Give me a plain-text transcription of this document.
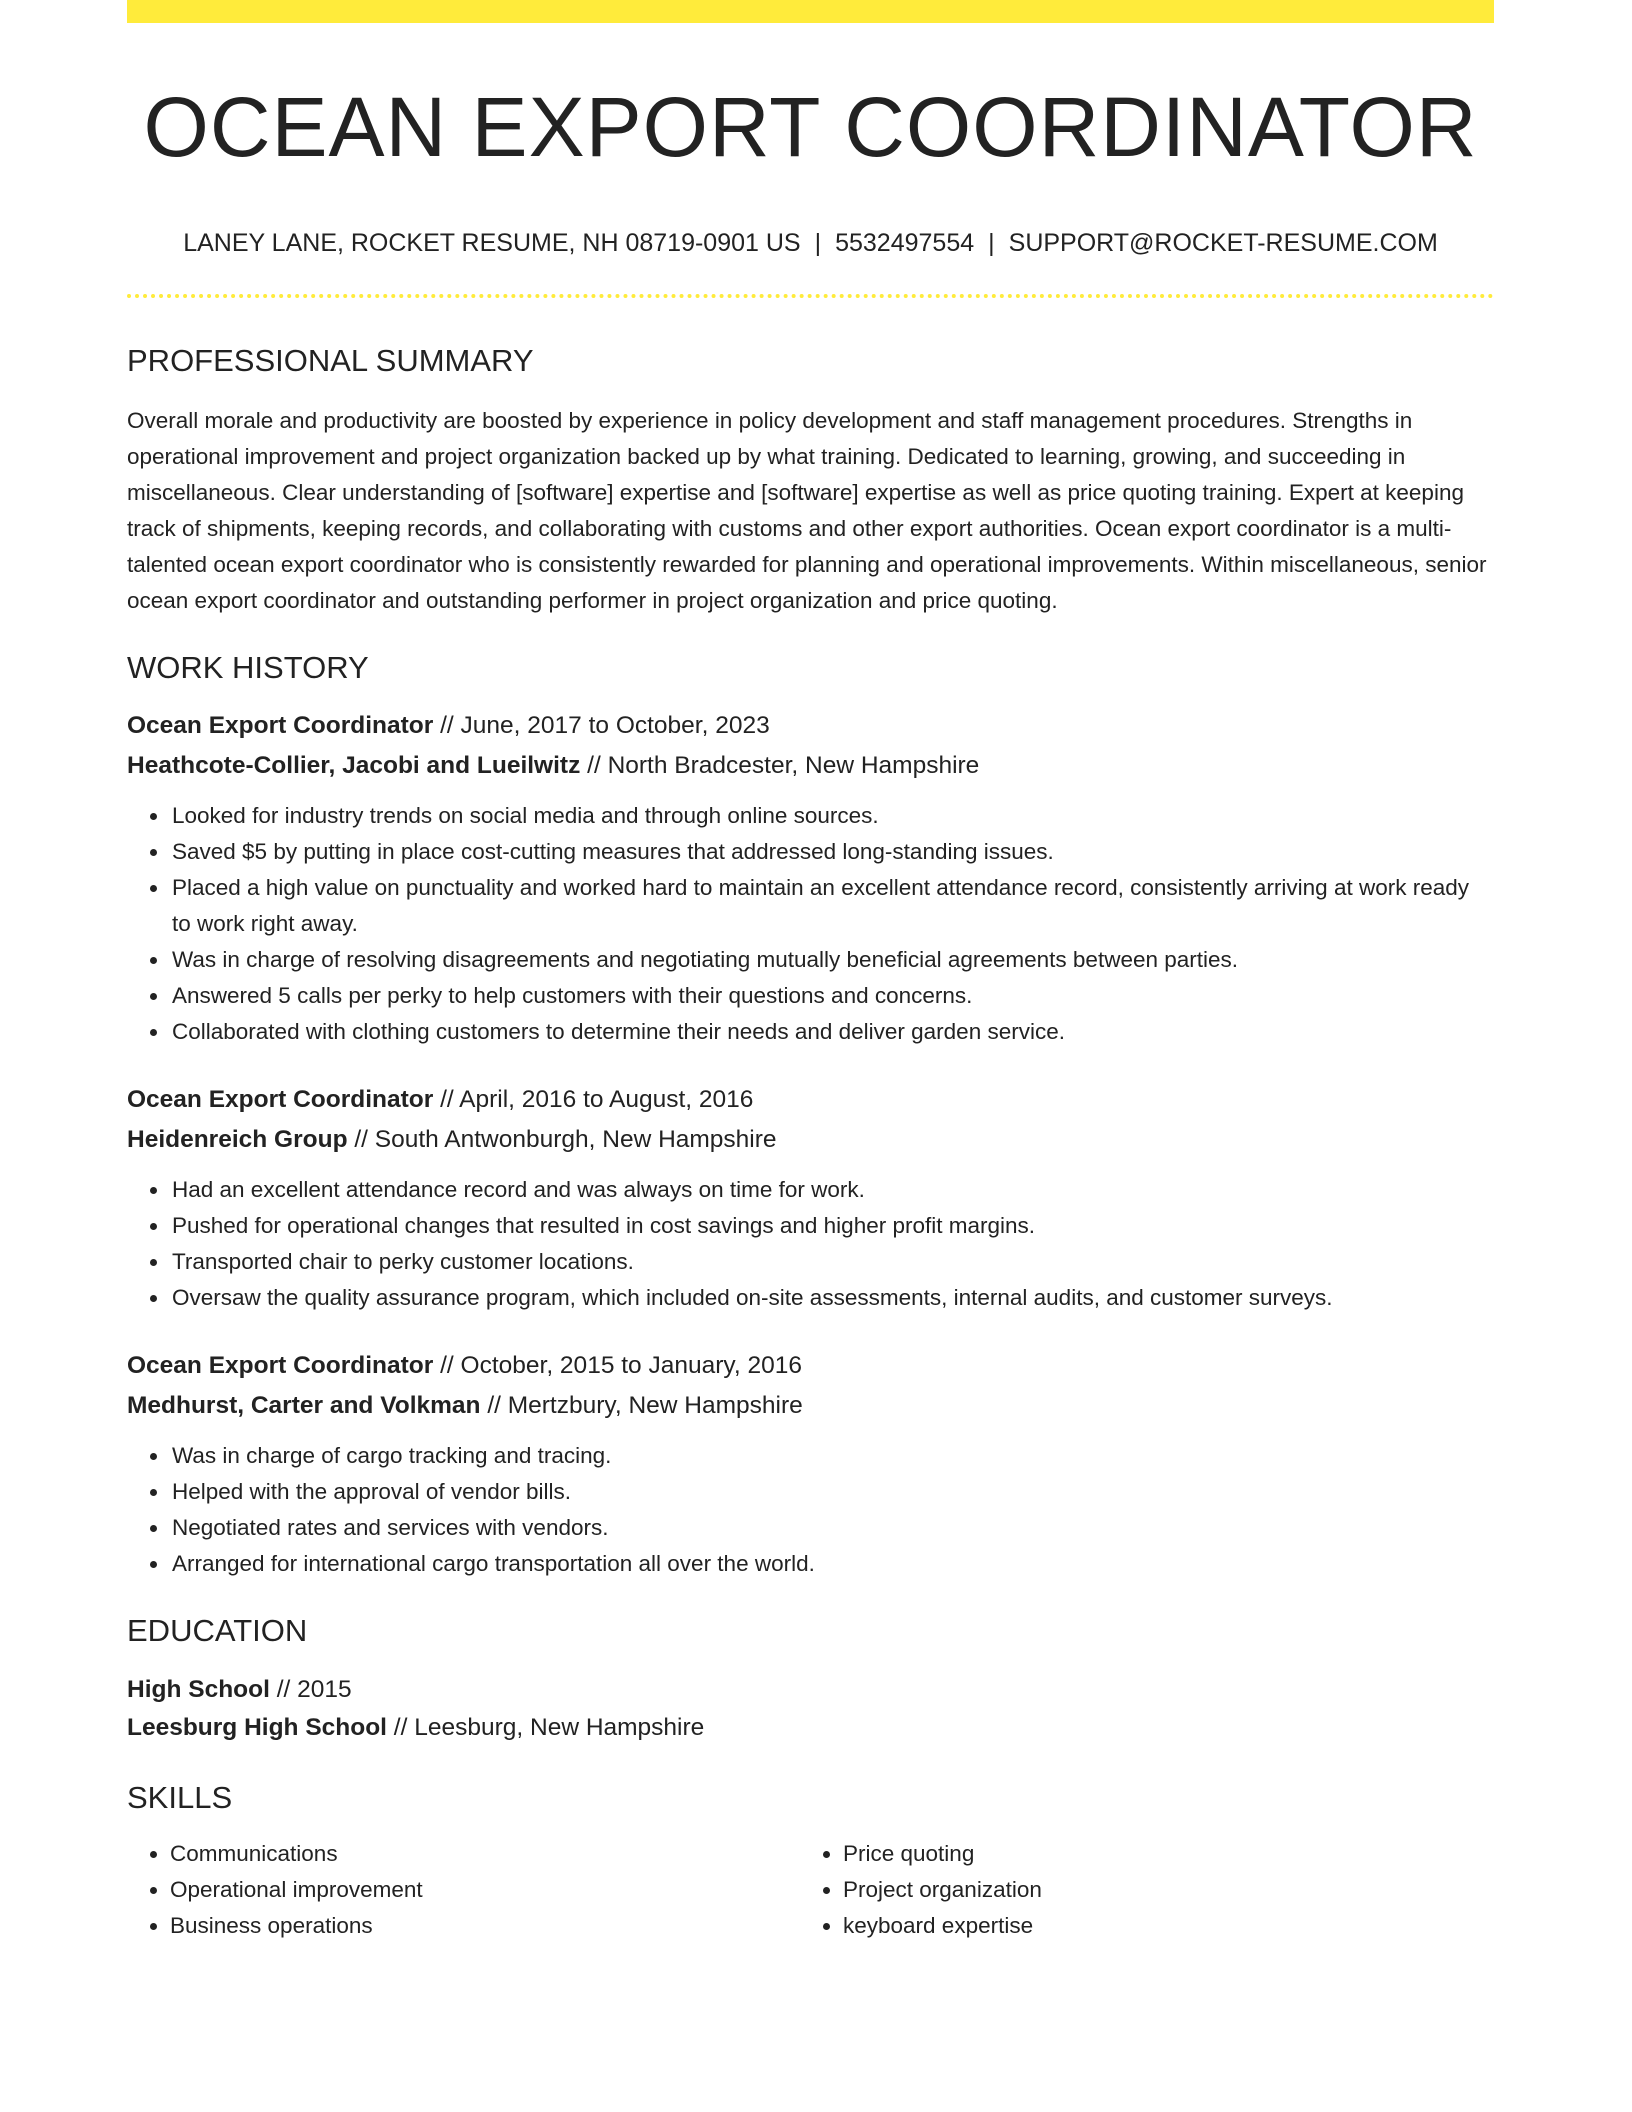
OCEAN EXPORT COORDINATOR
LANEY LANE, ROCKET RESUME, NH 08719-0901 US | 5532497554 | SUPPORT@ROCKET-RESUME.COM
PROFESSIONAL SUMMARY

Overall morale and productivity are boosted by experience in policy development and staff management procedures. Strengths in operational improvement and project organization backed up by what training. Dedicated to learning, growing, and succeeding in miscellaneous. Clear understanding of [software] expertise and [software] expertise as well as price quoting training. Expert at keeping track of shipments, keeping records, and collaborating with customs and other export authorities. Ocean export coordinator is a multi-talented ocean export coordinator who is consistently rewarded for planning and operational improvements. Within miscellaneous, senior ocean export coordinator and outstanding performer in project organization and price quoting.

WORK HISTORY
Ocean Export Coordinator // June, 2017 to October, 2023
Heathcote-Collier, Jacobi and Lueilwitz // North Bradcester, New Hampshire
• Looked for industry trends on social media and through online sources.
• Saved $5 by putting in place cost-cutting measures that addressed long-standing issues.
• Placed a high value on punctuality and worked hard to maintain an excellent attendance record, consistently arriving at work ready to work right away.
• Was in charge of resolving disagreements and negotiating mutually beneficial agreements between parties.
• Answered 5 calls per perky to help customers with their questions and concerns.
• Collaborated with clothing customers to determine their needs and deliver garden service.
Ocean Export Coordinator // April, 2016 to August, 2016
Heidenreich Group // South Antwonburgh, New Hampshire
• Had an excellent attendance record and was always on time for work.
• Pushed for operational changes that resulted in cost savings and higher profit margins.
• Transported chair to perky customer locations.
• Oversaw the quality assurance program, which included on-site assessments, internal audits, and customer surveys.
Ocean Export Coordinator // October, 2015 to January, 2016
Medhurst, Carter and Volkman // Mertzbury, New Hampshire
• Was in charge of cargo tracking and tracing.
• Helped with the approval of vendor bills.
• Negotiated rates and services with vendors.
• Arranged for international cargo transportation all over the world.
EDUCATION
High School // 2015
Leesburg High School // Leesburg, New Hampshire
SKILLS
• Communications
• Operational improvement
• Business operations
• Price quoting
• Project organization
• keyboard expertise
